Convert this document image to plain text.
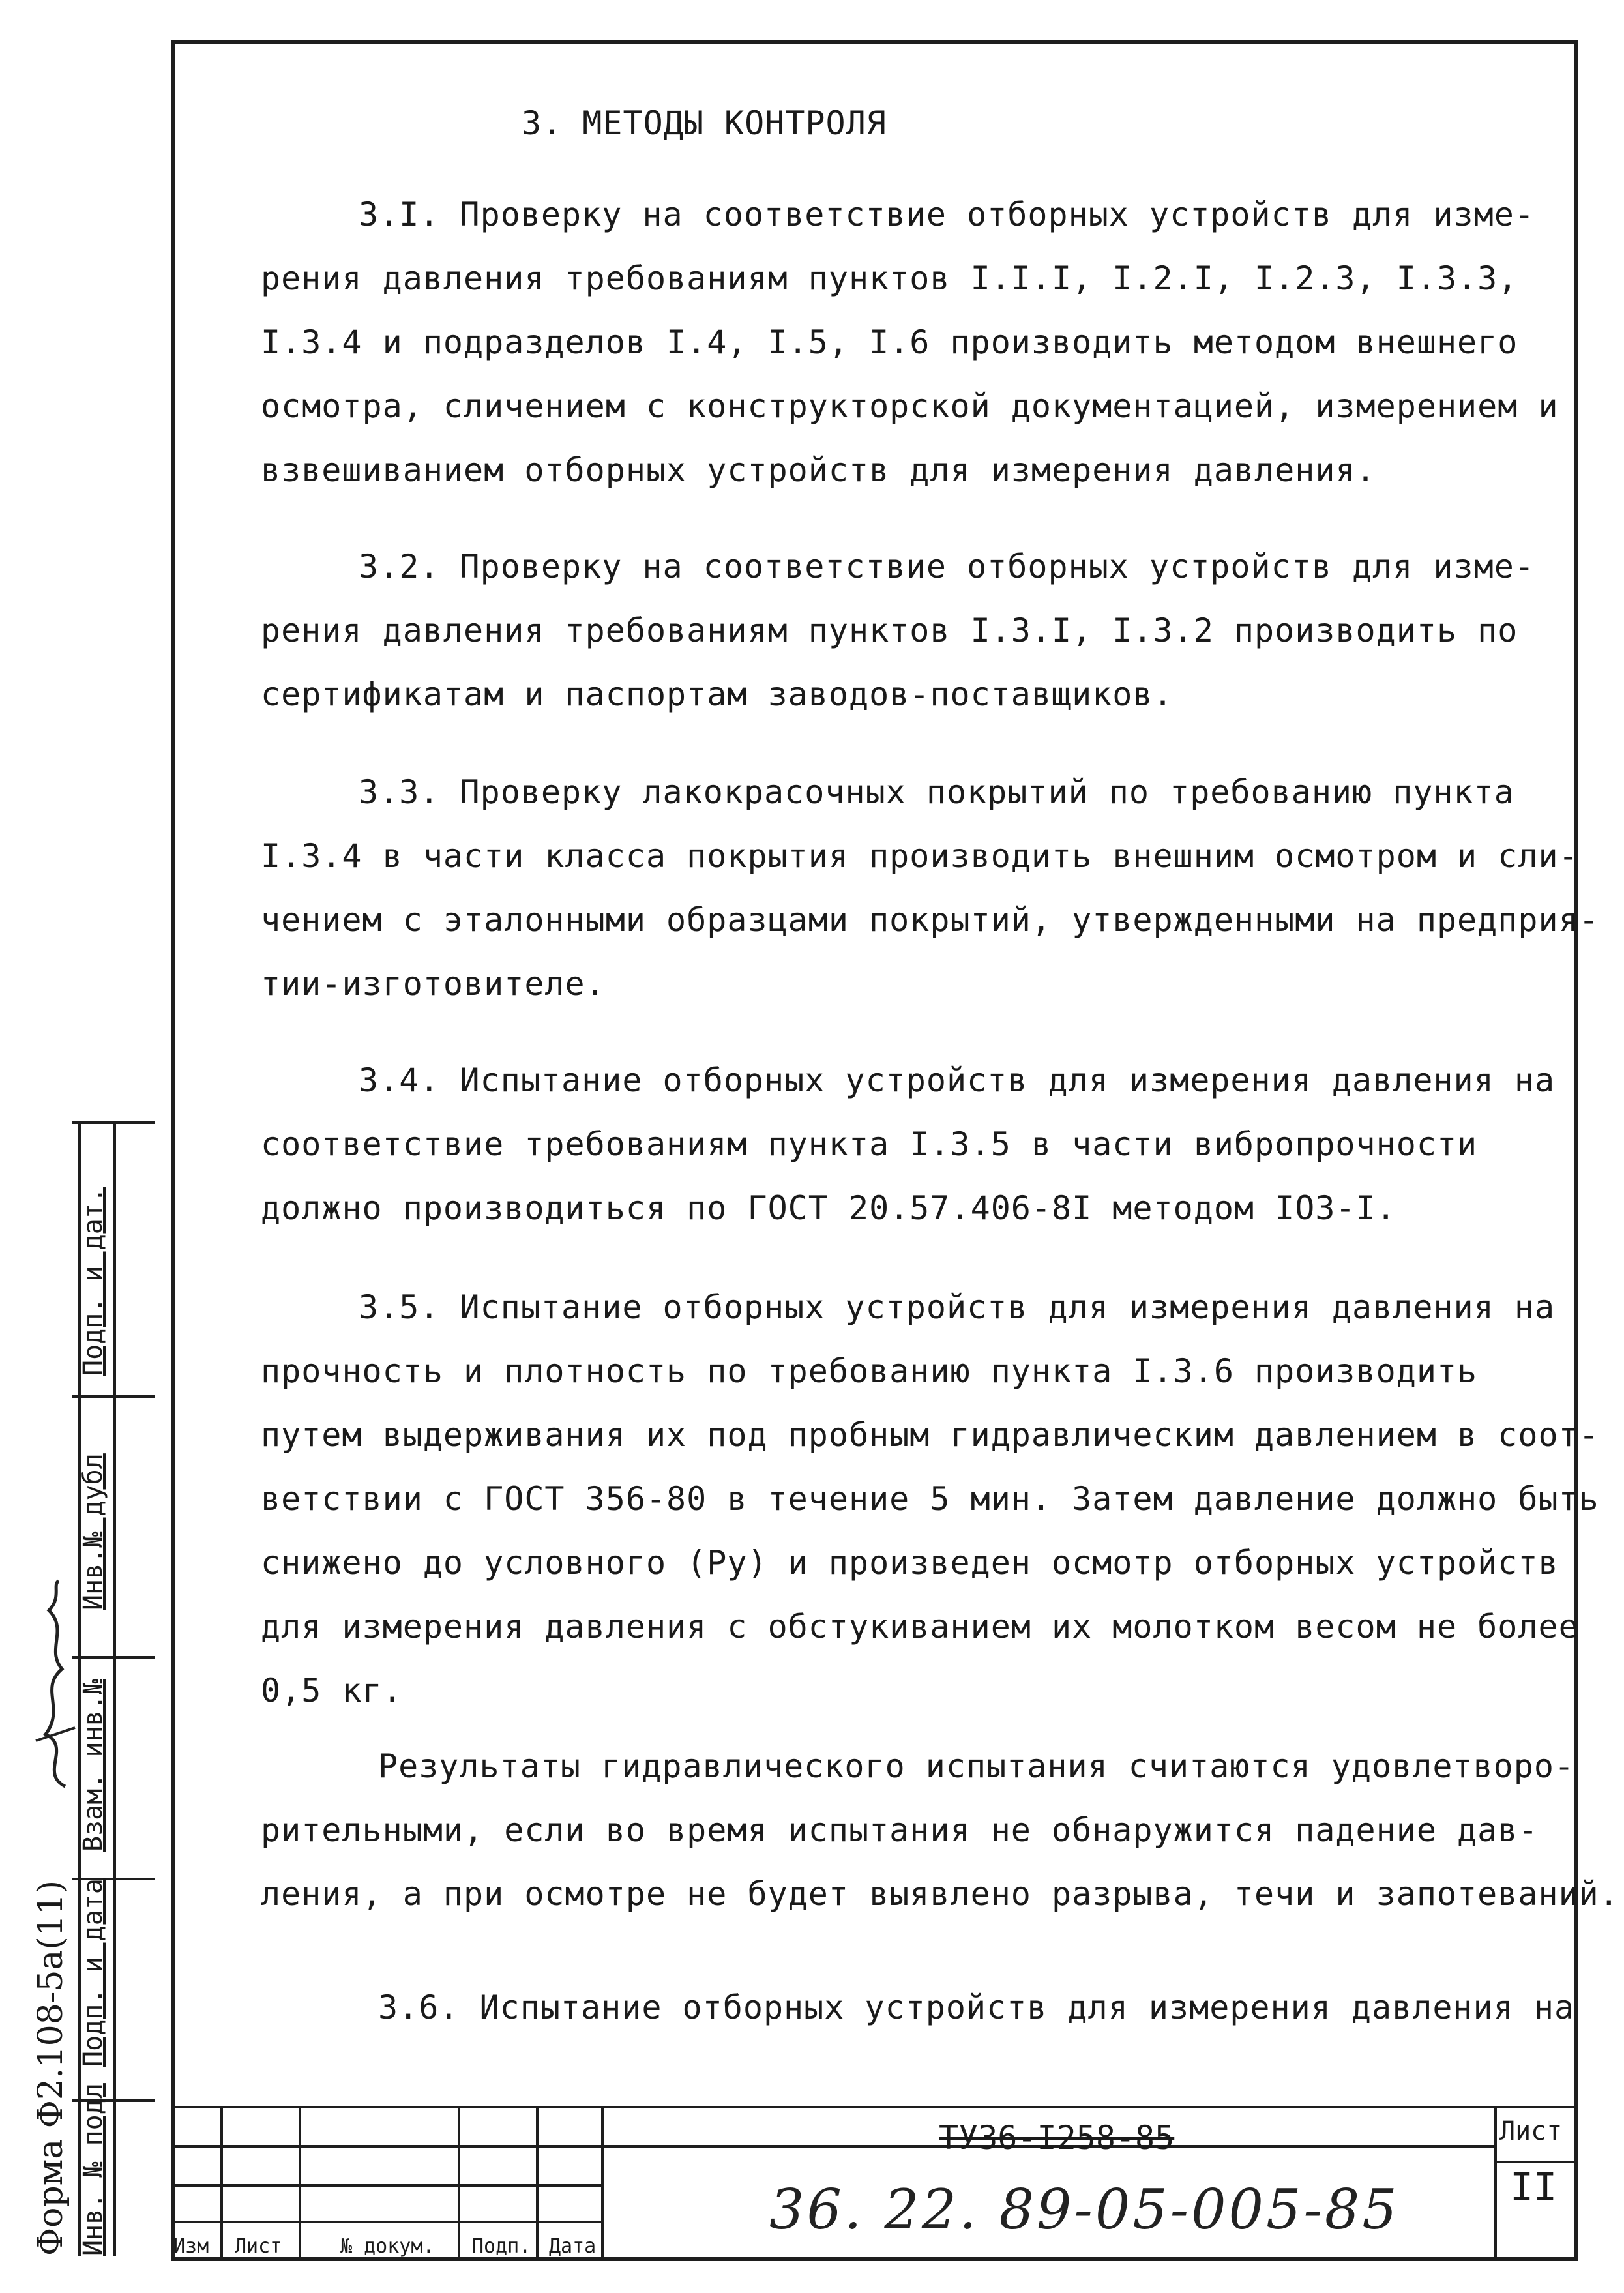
Подп. и дат.
Инв.№ дубл
Взам. инв.№
Подп. и дата
Инв. № подл
Форма Ф2.108-5а(11)
3. МЕТОДЫ КОНТРОЛЯ
3.I. Проверку на соответствие отборных устройств для изме-
рения давления требованиям пунктов I.I.I, I.2.I, I.2.3, I.3.3,
I.3.4 и подразделов I.4, I.5, I.6 производить методом внешнего
осмотра, сличением с конструкторской документацией, измерением и
взвешиванием отборных устройств для измерения давления.
3.2. Проверку на соответствие отборных устройств для изме-
рения давления требованиям пунктов I.3.I, I.3.2 производить по
сертификатам и паспортам заводов-поставщиков.
3.3. Проверку лакокрасочных покрытий по требованию пункта
I.3.4 в части класса покрытия производить внешним осмотром и сли-
чением с эталонными образцами покрытий, утвержденными на предприя-
тии-изготовителе.
3.4. Испытание отборных устройств для измерения давления на
соответствие требованиям пункта I.3.5 в части вибропрочности
должно производиться по ГОСТ 20.57.406-8I методом IO3-I.
3.5. Испытание отборных устройств для измерения давления на
прочность и плотность по требованию пункта I.3.6 производить
путем выдерживания их под пробным гидравлическим давлением в соот-
ветствии с ГОСТ 356-80 в течение 5 мин. Затем давление должно быть
снижено до условного (Ру) и произведен осмотр отборных устройств
для измерения давления с обстукиванием их молотком весом не более
0,5 кг.
Результаты гидравлического испытания считаются удовлетворо-
рительными, если во время испытания не обнаружится падение дав-
ления, а при осмотре не будет выявлено разрыва, течи и запотеваний.
3.6. Испытание отборных устройств для измерения давления на
Изм Лист	№ докум. Подп. Дата
ТУ36-I258-85
36. 22. 89-05-005-85
Лист
II
